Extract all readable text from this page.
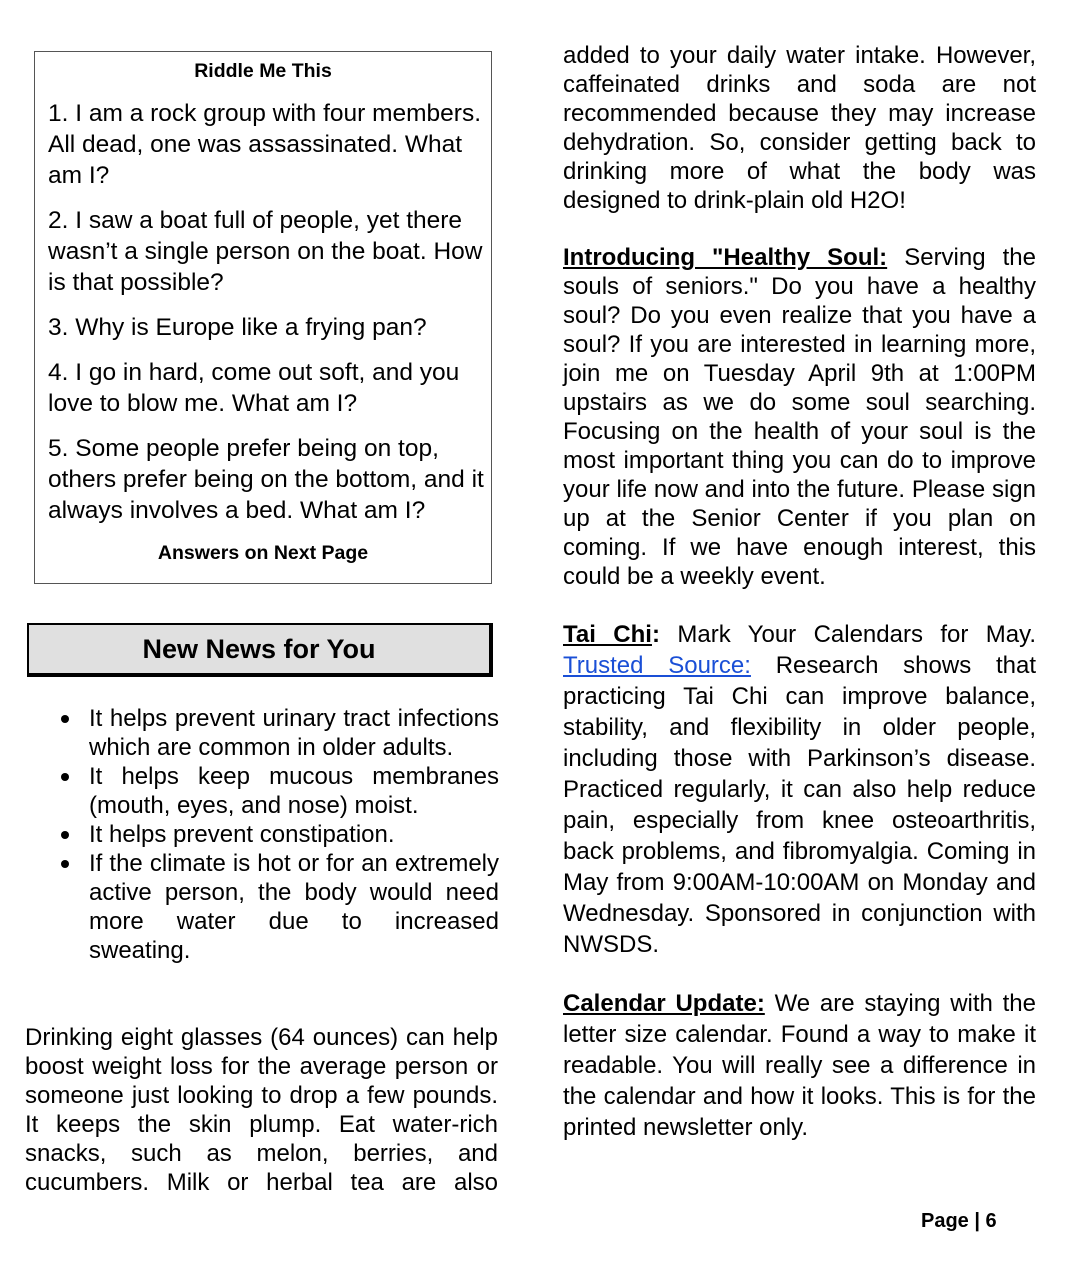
Riddle Me This

1. I am a rock group with four members. All dead, one was assassinated. What am I?

2. I saw a boat full of people, yet there wasn’t a single person on the boat. How is that possible?

3. Why is Europe like a frying pan?

4. I go in hard, come out soft, and you love to blow me. What am I?

5. Some people prefer being on top, others prefer being on the bottom, and it always involves a bed. What am I?

Answers on Next Page
New News for You
It helps prevent urinary tract infections which are common in older adults.
It helps keep mucous membranes (mouth, eyes, and nose) moist.
It helps prevent constipation.
If the climate is hot or for an extremely active person, the body would need more water due to increased sweating.

Drinking eight glasses (64 ounces) can help boost weight loss for the average person or someone just looking to drop a few pounds. It keeps the skin plump. Eat water-rich snacks, such as melon, berries, and cucumbers. Milk or herbal tea are also

added to your daily water intake. However, caffeinated drinks and soda are not recommended because they may increase dehydration. So, consider getting back to drinking more of what the body was designed to drink-plain old H2O!

Introducing "Healthy Soul: Serving the souls of seniors." Do you have a healthy soul? Do you even realize that you have a soul? If you are interested in learning more, join me on Tuesday April 9th at 1:00PM upstairs as we do some soul searching. Focusing on the health of your soul is the most important thing you can do to improve your life now and into the future. Please sign up at the Senior Center if you plan on coming. If we have enough interest, this could be a weekly event.

Tai Chi: Mark Your Calendars for May. Trusted Source: Research shows that practicing Tai Chi can improve balance, stability, and flexibility in older people, including those with Parkinson’s disease. Practiced regularly, it can also help reduce pain, especially from knee osteoarthritis, back problems, and fibromyalgia. Coming in May from 9:00AM-10:00AM on Monday and Wednesday. Sponsored in conjunction with NWSDS.

Calendar Update: We are staying with the letter size calendar. Found a way to make it readable. You will really see a difference in the calendar and how it looks. This is for the printed newsletter only.

Page | 6
